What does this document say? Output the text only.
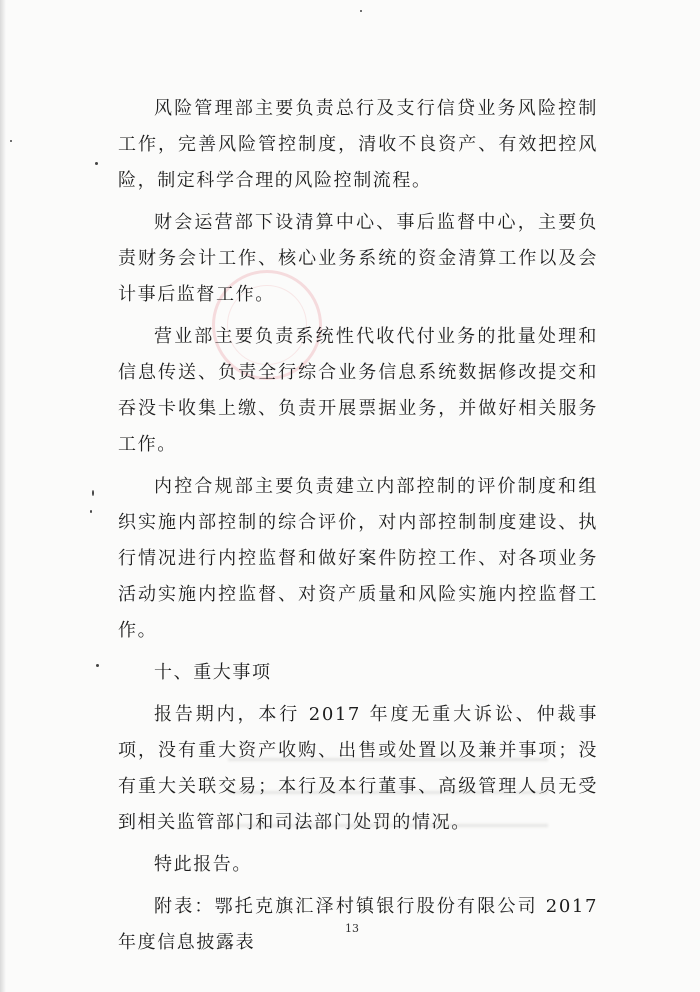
风险管理部主要负责总行及支行信贷业务风险控制工作，完善风险管控制度，清收不良资产、有效把控风险，制定科学合理的风险控制流程。

财会运营部下设清算中心、事后监督中心，主要负责财务会计工作、核心业务系统的资金清算工作以及会计事后监督工作。

营业部主要负责系统性代收代付业务的批量处理和信息传送、负责全行综合业务信息系统数据修改提交和吞没卡收集上缴、负责开展票据业务，并做好相关服务工作。

内控合规部主要负责建立内部控制的评价制度和组织实施内部控制的综合评价，对内部控制制度建设、执行情况进行内控监督和做好案件防控工作、对各项业务活动实施内控监督、对资产质量和风险实施内控监督工作。

十、重大事项

报告期内，本行 2017 年度无重大诉讼、仲裁事项，没有重大资产收购、出售或处置以及兼并事项；没有重大关联交易；本行及本行董事、高级管理人员无受到相关监管部门和司法部门处罚的情况。

特此报告。

附表：鄂托克旗汇泽村镇银行股份有限公司 2017 年度信息披露表

13
